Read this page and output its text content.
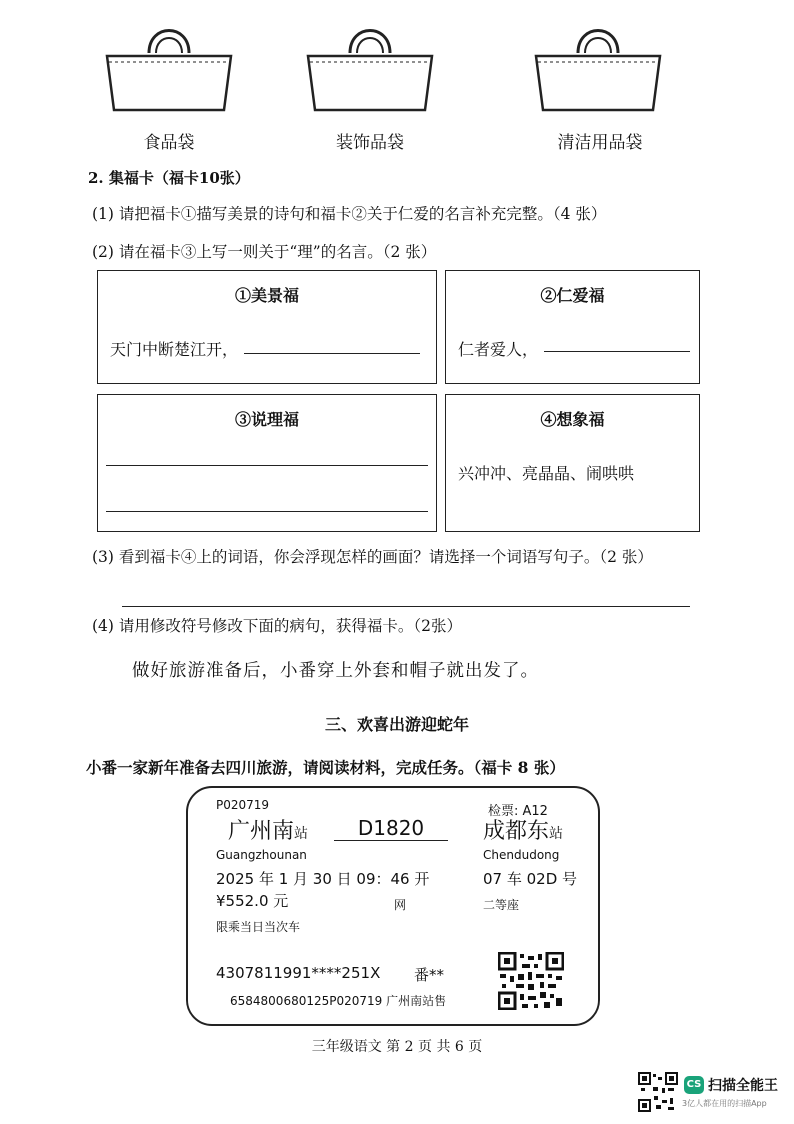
食品袋	装饰品袋	清洁用品袋
2. 集福卡（福卡10张）
(1) 请把福卡①描写美景的诗句和福卡②关于仁爱的名言补充完整。（4 张）
(2) 请在福卡③上写一则关于“理”的名言。（2 张）
①美景福
天门中断楚江开，
②仁爱福
仁者爱人，
③说理福	④想象福
兴冲冲、亮晶晶、闹哄哄
(3) 看到福卡④上的词语，你会浮现怎样的画面？请选择一个词语写句子。（2 张）
(4) 请用修改符号修改下面的病句，获得福卡。（2张）
做好旅游准备后，小番穿上外套和帽子就出发了。
三、欢喜出游迎蛇年
小番一家新年准备去四川旅游，请阅读材料，完成任务。（福卡 8 张）
P020719	检票: A12
广州南站	D1820	成都东站
Guangzhounan	Chendudong
2025 年 1 月 30 日 09：46 开	07 车 02D 号
¥552.0 元	网	二等座
限乘当日当次车
4307811991****251X 番**
6584800680125P020719 广州南站售
三年级语文 第 2 页 共 6 页
CS 扫描全能王
3亿人都在用的扫描App
